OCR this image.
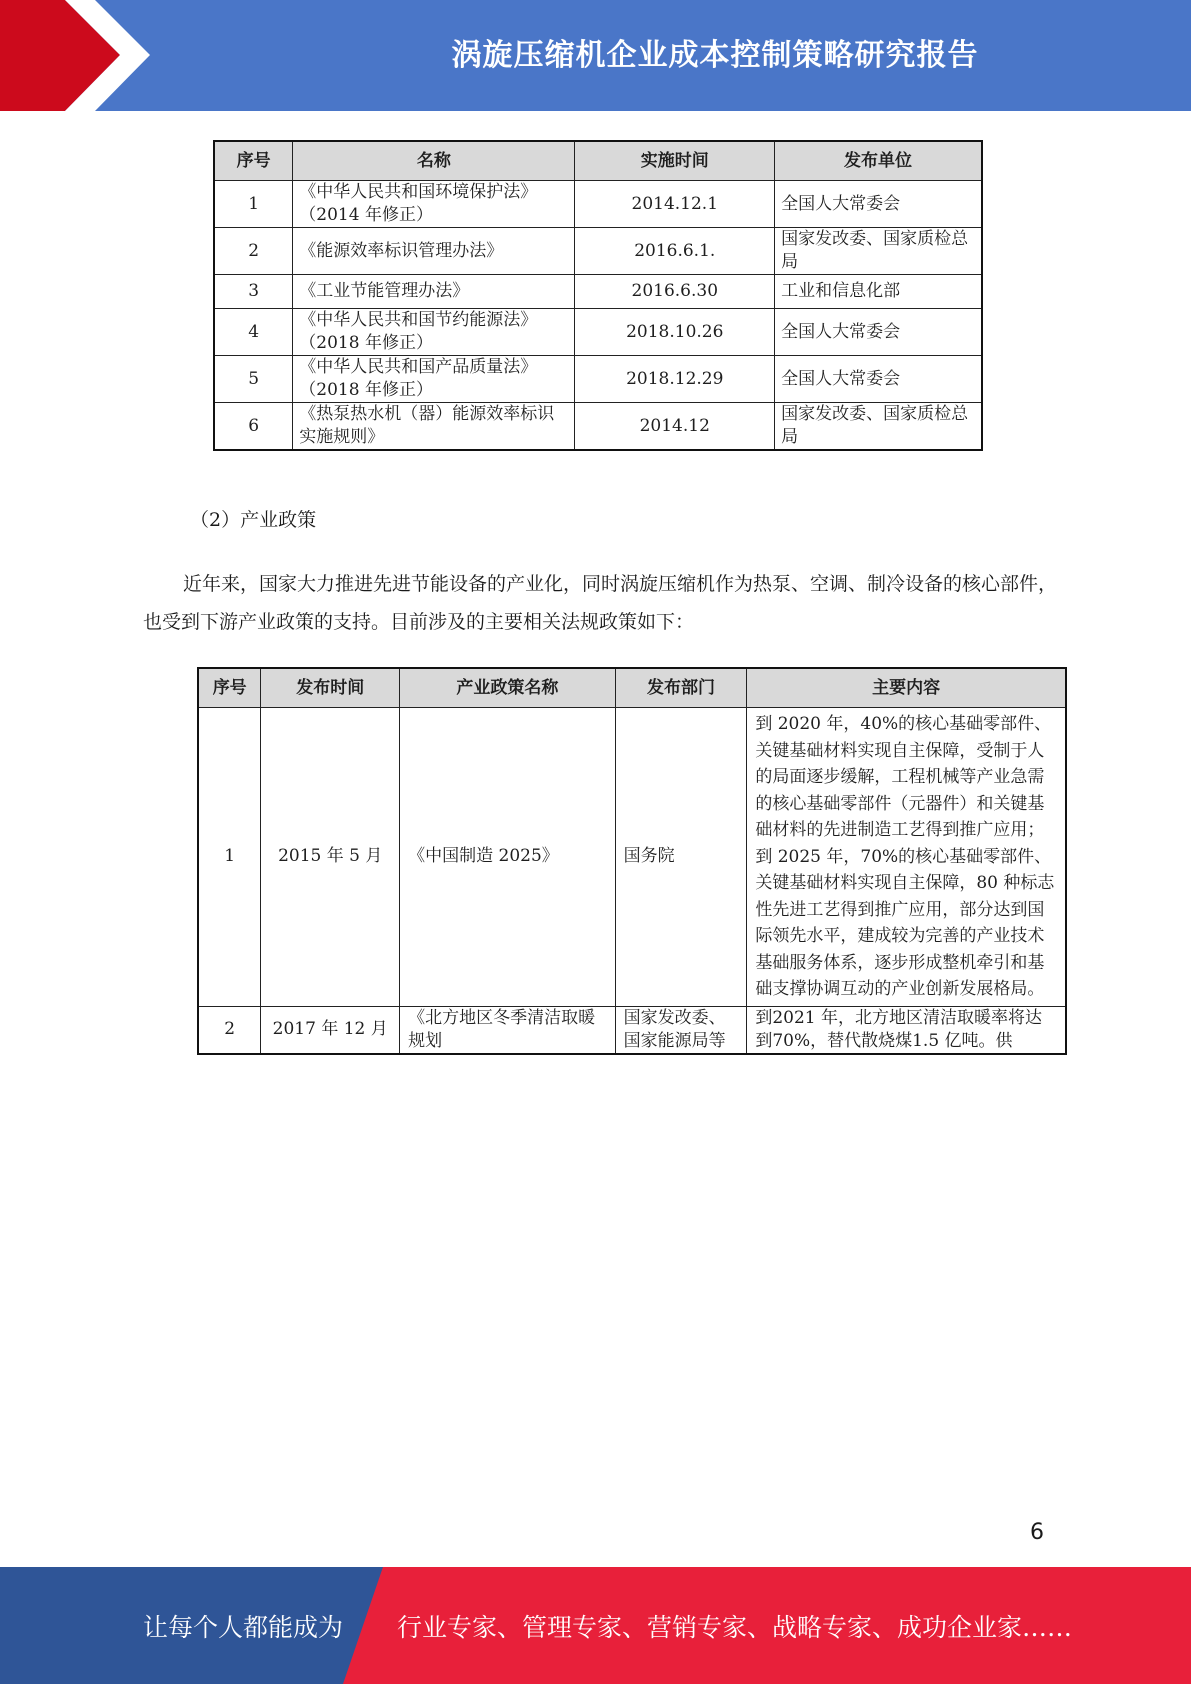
涡旋压缩机企业成本控制策略研究报告
序号	名称	实施时间	发布单位
1	《中华人民共和国环境保护法》（2014 年修正）	2014.12.1	全国人大常委会
2	《能源效率标识管理办法》	2016.6.1.	国家发改委、国家质检总局
3	《工业节能管理办法》	2016.6.30	工业和信息化部
4	《中华人民共和国节约能源法》（2018 年修正）	2018.10.26	全国人大常委会
5	《中华人民共和国产品质量法》（2018 年修正）	2018.12.29	全国人大常委会
6	《热泵热水机（器）能源效率标识实施规则》	2014.12	国家发改委、国家质检总局
（2）产业政策
近年来，国家大力推进先进节能设备的产业化，同时涡旋压缩机作为热泵、空调、制冷设备的核心部件，也受到下游产业政策的支持。目前涉及的主要相关法规政策如下：
序号	发布时间	产业政策名称	发布部门	主要内容
1	2015 年 5 月	《中国制造 2025》	国务院	到 2020 年，40%的核心基础零部件、关键基础材料实现自主保障，受制于人的局面逐步缓解，工程机械等产业急需的核心基础零部件（元器件）和关键基础材料的先进制造工艺得到推广应用；到 2025 年，70%的核心基础零部件、关键基础材料实现自主保障，80 种标志性先进工艺得到推广应用，部分达到国际领先水平，建成较为完善的产业技术基础服务体系，逐步形成整机牵引和基础支撑协调互动的产业创新发展格局。
2	2017 年 12 月	《北方地区冬季清洁取暖规划	国家发改委、国家能源局等	到2021 年，北方地区清洁取暖率将达到70%，替代散烧煤1.5 亿吨。供
6
让每个人都能成为 行业专家、管理专家、营销专家、战略专家、成功企业家……
